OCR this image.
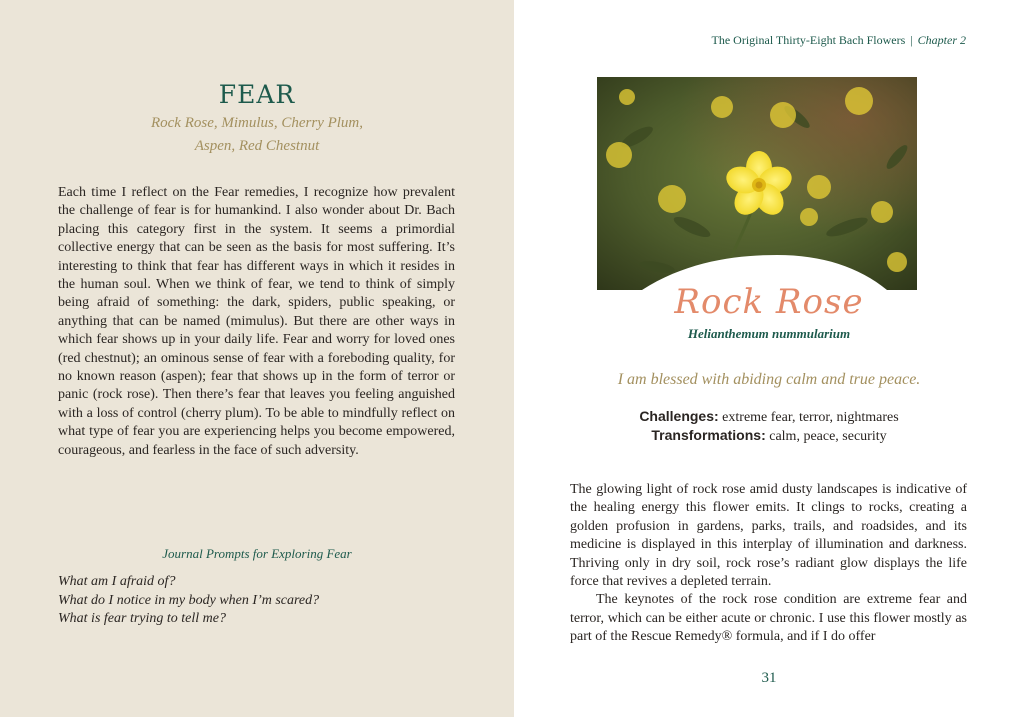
FEAR
Rock Rose, Mimulus, Cherry Plum,
Aspen, Red Chestnut

Each time I reflect on the Fear remedies, I recognize how prevalent the challenge of fear is for humankind. I also wonder about Dr. Bach placing this category first in the system. It seems a primordial collective energy that can be seen as the basis for most suffering. It’s interesting to think that fear has different ways in which it resides in the human soul. When we think of fear, we tend to think of simply being afraid of something: the dark, spiders, public speaking, or anything that can be named (mimulus). But there are other ways in which fear shows up in your daily life. Fear and worry for loved ones (red chestnut); an ominous sense of fear with a foreboding quality, for no known reason (aspen); fear that shows up in the form of terror or panic (rock rose). Then there’s fear that leaves you feeling anguished with a loss of control (cherry plum). To be able to mindfully reflect on what type of fear you are experiencing helps you become empowered, courageous, and fearless in the face of such adversity.

Journal Prompts for Exploring Fear
What am I afraid of?
What do I notice in my body when I’m scared?
What is fear trying to tell me?
The Original Thirty-Eight Bach Flowers | Chapter 2
Rock Rose
Helianthemum nummularium
I am blessed with abiding calm and true peace.
Challenges: extreme fear, terror, nightmares
Transformations: calm, peace, security

The glowing light of rock rose amid dusty landscapes is indicative of the healing energy this flower emits. It clings to rocks, creating a golden profusion in gardens, parks, trails, and roadsides, and its medicine is displayed in this interplay of illumination and darkness. Thriving only in dry soil, rock rose’s radiant glow displays the life force that revives a depleted terrain.

The keynotes of the rock rose condition are extreme fear and terror, which can be either acute or chronic. I use this flower mostly as part of the Rescue Remedy® formula, and if I do offer

31
